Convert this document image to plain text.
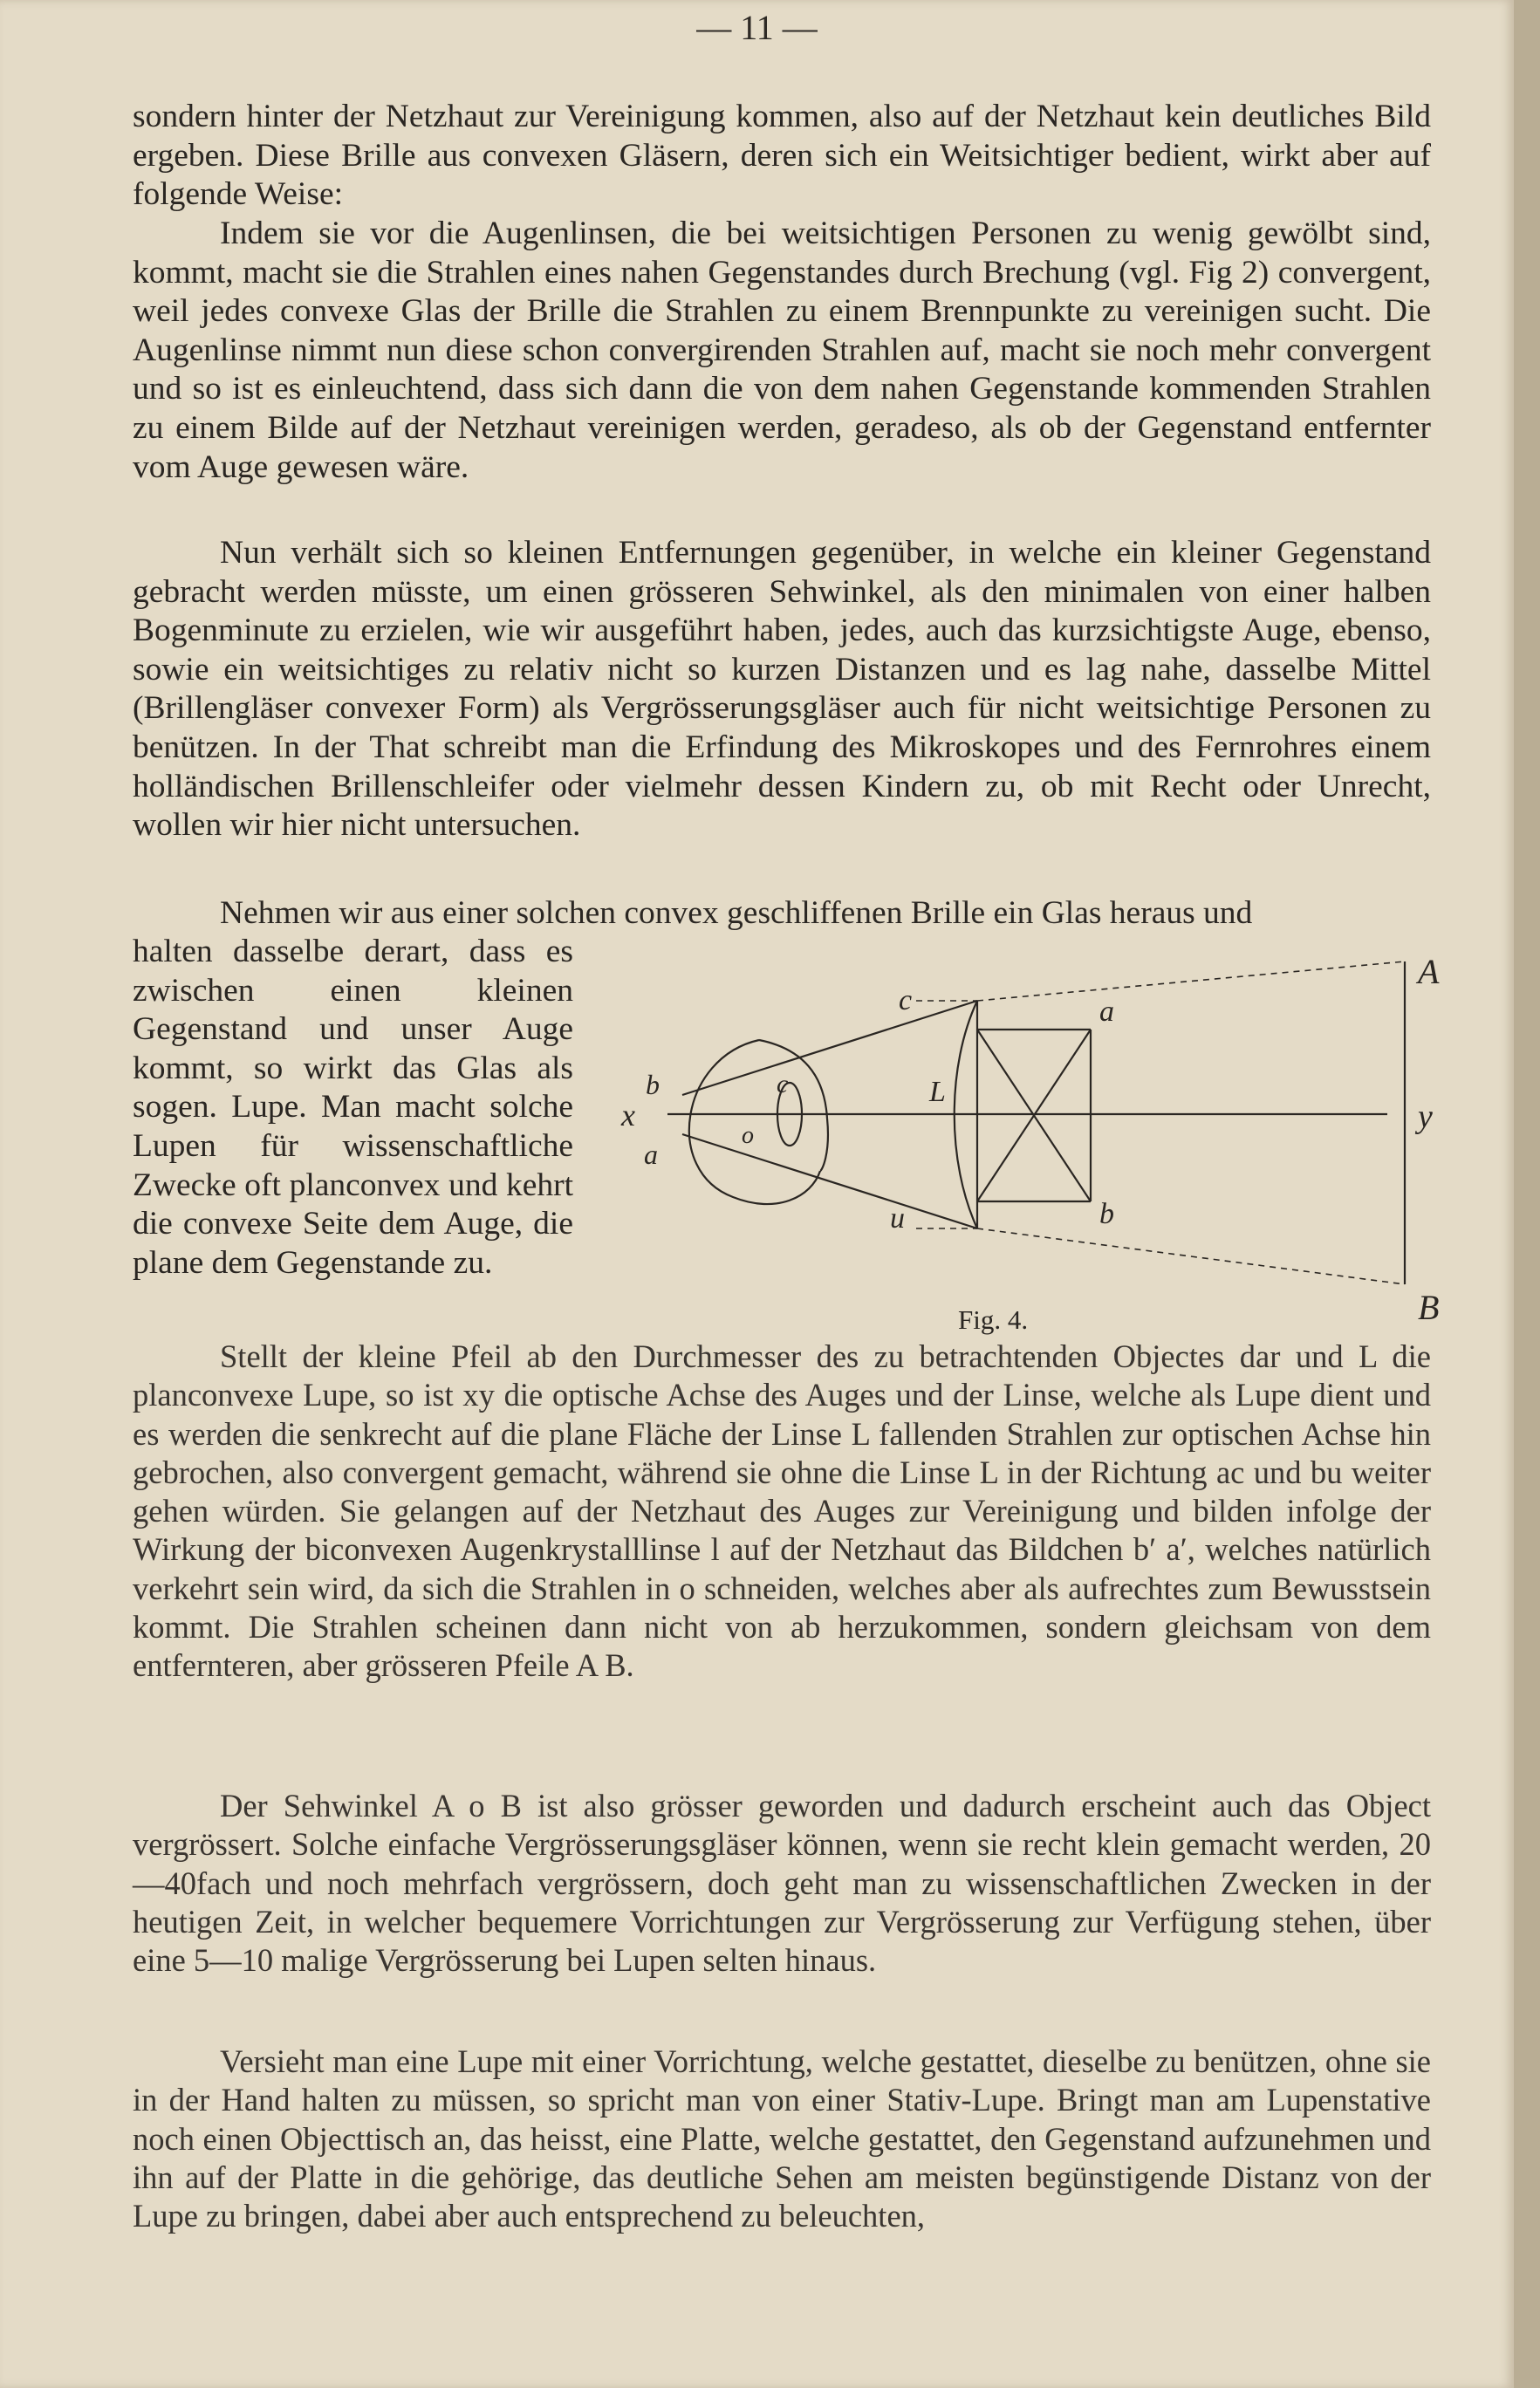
— 11 —

sondern hinter der Netzhaut zur Vereinigung kommen, also auf der Netzhaut kein deutliches Bild ergeben. Diese Brille aus convexen Gläsern, deren sich ein Weitsichtiger bedient, wirkt aber auf folgende Weise:

Indem sie vor die Augenlinsen, die bei weitsichtigen Personen zu wenig gewölbt sind, kommt, macht sie die Strahlen eines nahen Gegenstandes durch Brechung (vgl. Fig 2) convergent, weil jedes convexe Glas der Brille die Strahlen zu einem Brennpunkte zu vereinigen sucht. Die Augenlinse nimmt nun diese schon convergirenden Strahlen auf, macht sie noch mehr convergent und so ist es einleuchtend, dass sich dann die von dem nahen Gegenstande kommenden Strahlen zu einem Bilde auf der Netzhaut vereinigen werden, geradeso, als ob der Gegenstand entfernter vom Auge gewesen wäre.

Nun verhält sich so kleinen Entfernungen gegenüber, in welche ein kleiner Gegenstand gebracht werden müsste, um einen grösseren Sehwinkel, als den minimalen von einer halben Bogenminute zu erzielen, wie wir ausgeführt haben, jedes, auch das kurzsichtigste Auge, ebenso, sowie ein weitsichtiges zu relativ nicht so kurzen Distanzen und es lag nahe, dasselbe Mittel (Brillengläser convexer Form) als Vergrösserungsgläser auch für nicht weitsichtige Personen zu benützen. In der That schreibt man die Erfindung des Mikroskopes und des Fernrohres einem holländischen Brillenschleifer oder vielmehr dessen Kindern zu, ob mit Recht oder Unrecht, wollen wir hier nicht untersuchen.

Nehmen wir aus einer solchen convex geschliffenen Brille ein Glas heraus und

halten dasselbe derart, dass es zwischen einen kleinen Gegenstand und unser Auge kommt, so wirkt das Glas als sogen. Lupe. Man macht solche Lupen für wissenschaftliche Zwecke oft planconvex und kehrt die convexe Seite dem Auge, die plane dem Gegenstande zu.

A
B
a
b
c
u
L
y
x
o
c
b
a
Fig. 4.

Stellt der kleine Pfeil ab den Durchmesser des zu betrachtenden Objectes dar und L die planconvexe Lupe, so ist xy die optische Achse des Auges und der Linse, welche als Lupe dient und es werden die senkrecht auf die plane Fläche der Linse L fallenden Strahlen zur optischen Achse hin gebrochen, also convergent gemacht, während sie ohne die Linse L in der Richtung ac und bu weiter gehen würden. Sie gelangen auf der Netzhaut des Auges zur Vereinigung und bilden infolge der Wirkung der biconvexen Augenkrystalllinse l auf der Netzhaut das Bildchen b′ a′, welches natürlich verkehrt sein wird, da sich die Strahlen in o schneiden, welches aber als aufrechtes zum Bewusstsein kommt. Die Strahlen scheinen dann nicht von ab herzukommen, sondern gleichsam von dem entfernteren, aber grösseren Pfeile A B.

Der Sehwinkel A o B ist also grösser geworden und dadurch erscheint auch das Object vergrössert. Solche einfache Vergrösserungsgläser können, wenn sie recht klein gemacht werden, 20—40fach und noch mehrfach vergrössern, doch geht man zu wissenschaftlichen Zwecken in der heutigen Zeit, in welcher bequemere Vorrichtungen zur Vergrösserung zur Verfügung stehen, über eine 5—10 malige Vergrösserung bei Lupen selten hinaus.

Versieht man eine Lupe mit einer Vorrichtung, welche gestattet, dieselbe zu benützen, ohne sie in der Hand halten zu müssen, so spricht man von einer Stativ-Lupe. Bringt man am Lupenstative noch einen Objecttisch an, das heisst, eine Platte, welche gestattet, den Gegenstand aufzunehmen und ihn auf der Platte in die gehörige, das deutliche Sehen am meisten begünstigende Distanz von der Lupe zu bringen, dabei aber auch entsprechend zu beleuchten,
